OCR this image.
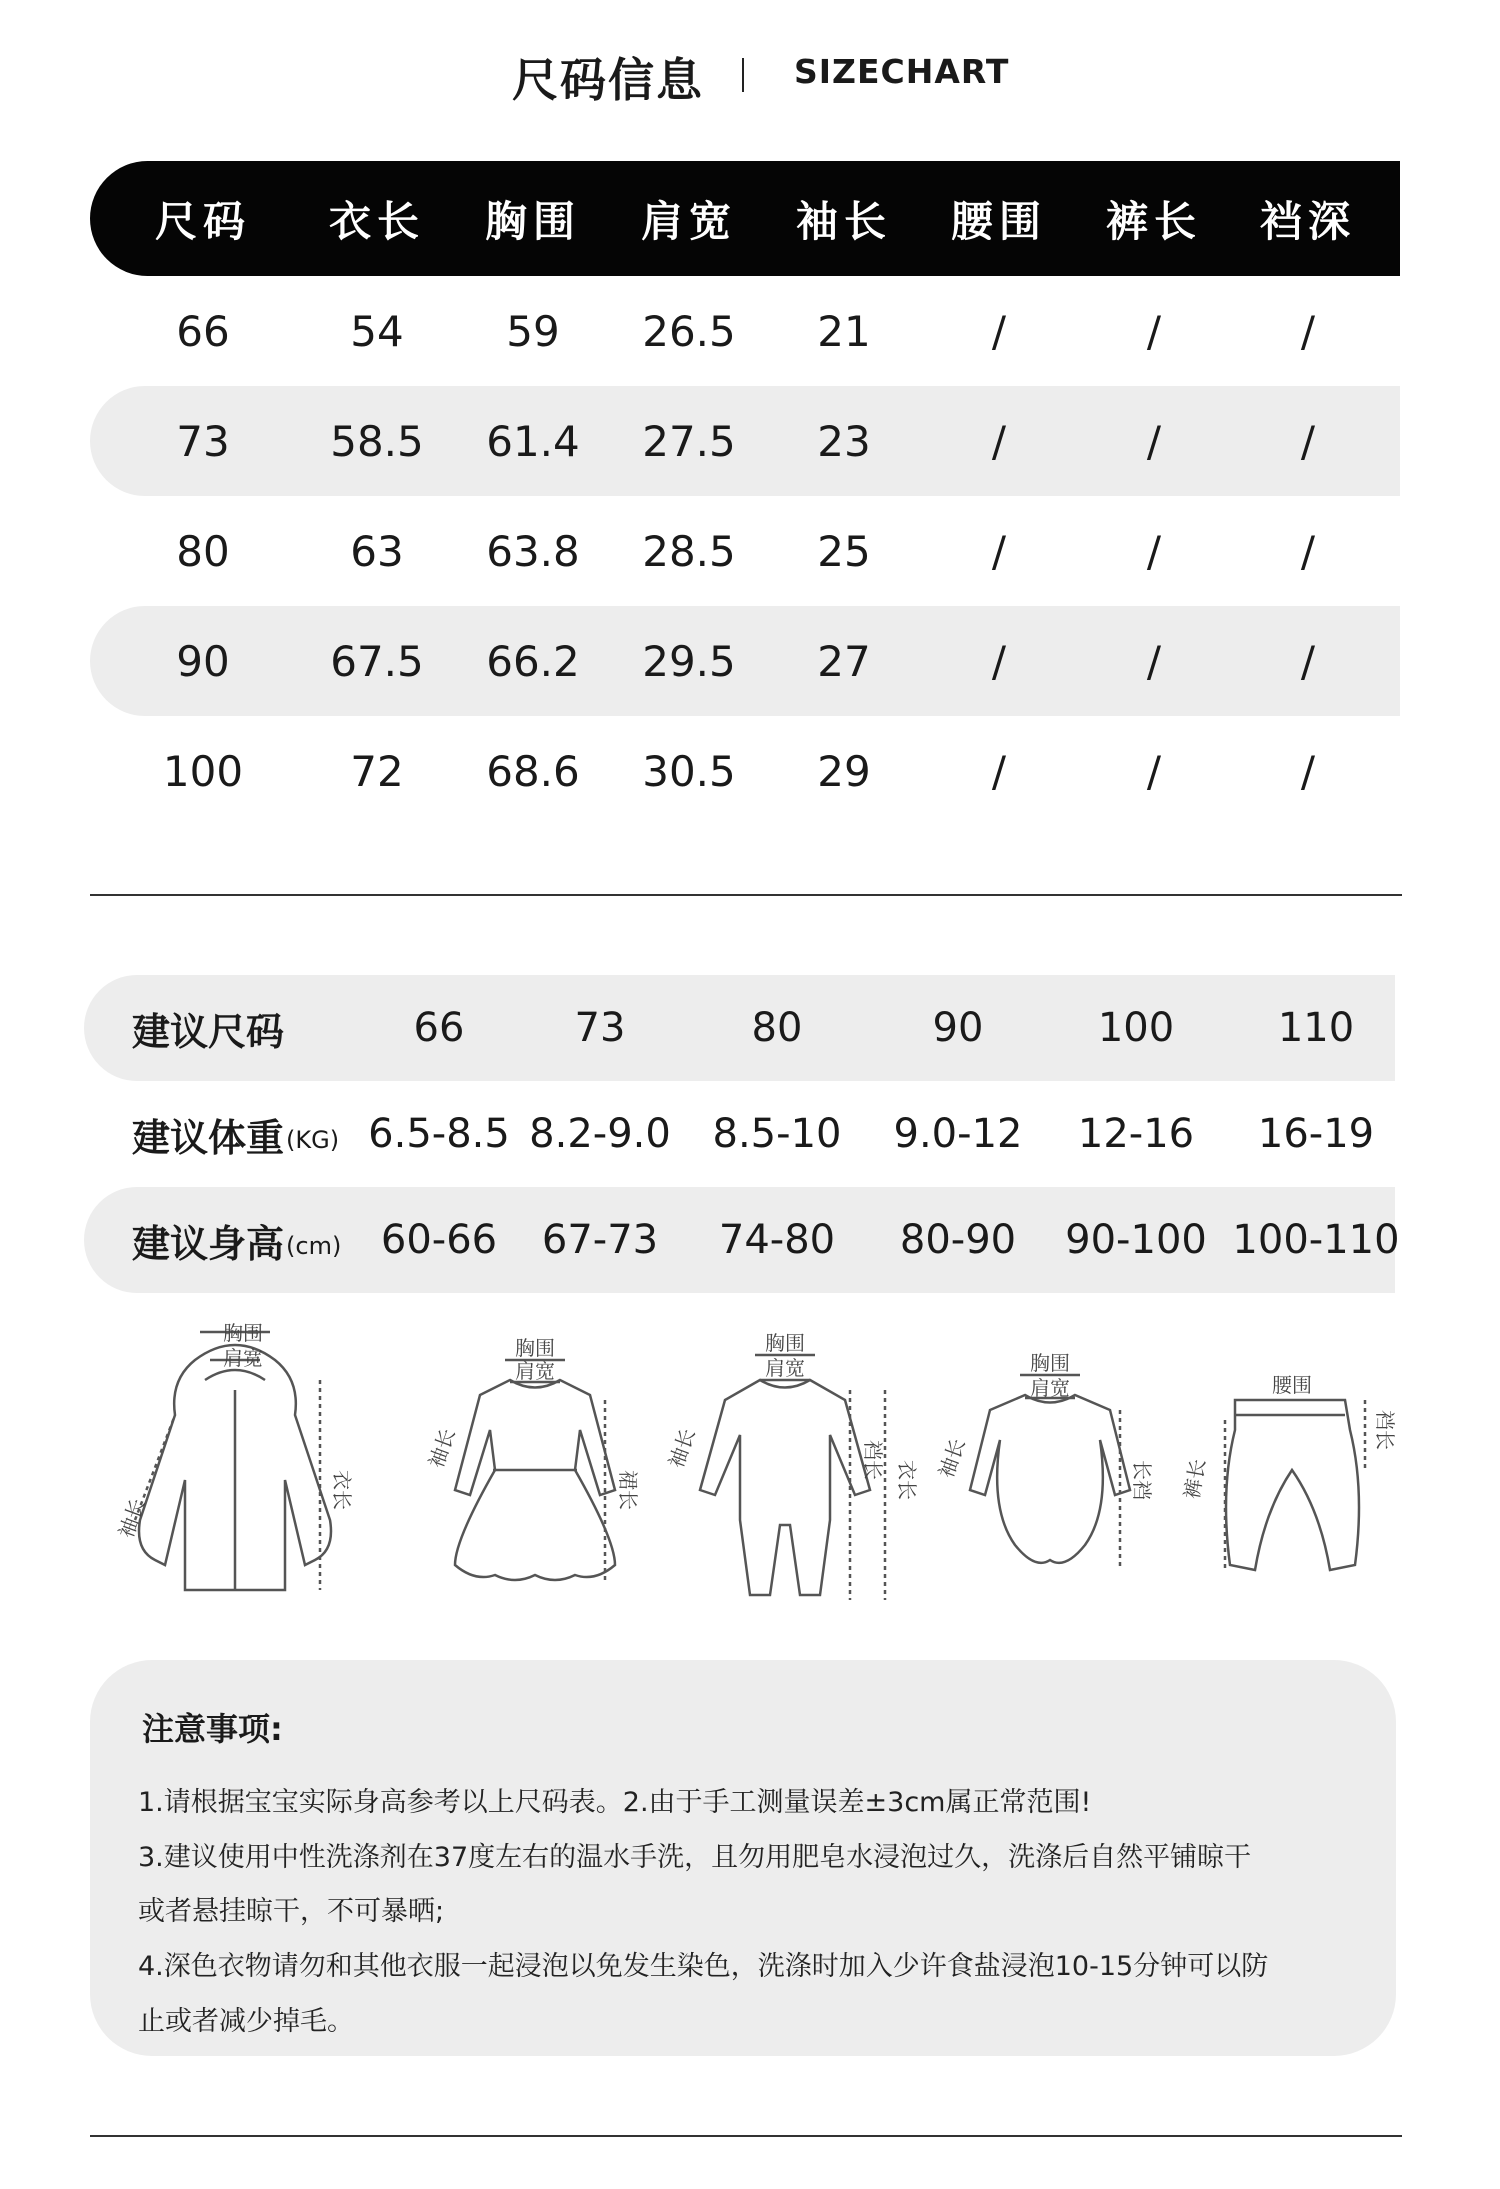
尺码信息	SIZECHART
尺码	衣长	胸围	肩宽	袖长	腰围	裤长	裆深
66	54	59	26.5	21	/	/	/
73	58.5	61.4	27.5	23	/	/	/
80	63	63.8	28.5	25	/	/	/
90	67.5	66.2	29.5	27	/	/	/
100	72	68.6	30.5	29	/	/	/
建议尺码	66	73	80	90	100	110
建议体重 (KG) 6.5-8.5 8.2-9.0	8.5-10	9.0-12	12-16	16-19
建议身高 (cm) 60-66	67-73	74-80	80-90	90-100 100-110
胸围
肩宽
袖长
衣长
胸围
肩宽
袖长
裙长
胸围
肩宽
袖长	裆长 衣长
胸围
肩宽
袖长	长裆
腰围
裤长
裆长
注意事项:
1.请根据宝宝实际身高参考以上尺码表。2.由于手工测量误差±3cm属正常范围!
3.建议使用中性洗涤剂在37度左右的温水手洗，且勿用肥皂水浸泡过久，洗涤后自然平铺晾干
或者悬挂晾干，不可暴晒;
4.深色衣物请勿和其他衣服一起浸泡以免发生染色，洗涤时加入少许食盐浸泡10-15分钟可以防
止或者减少掉毛。
